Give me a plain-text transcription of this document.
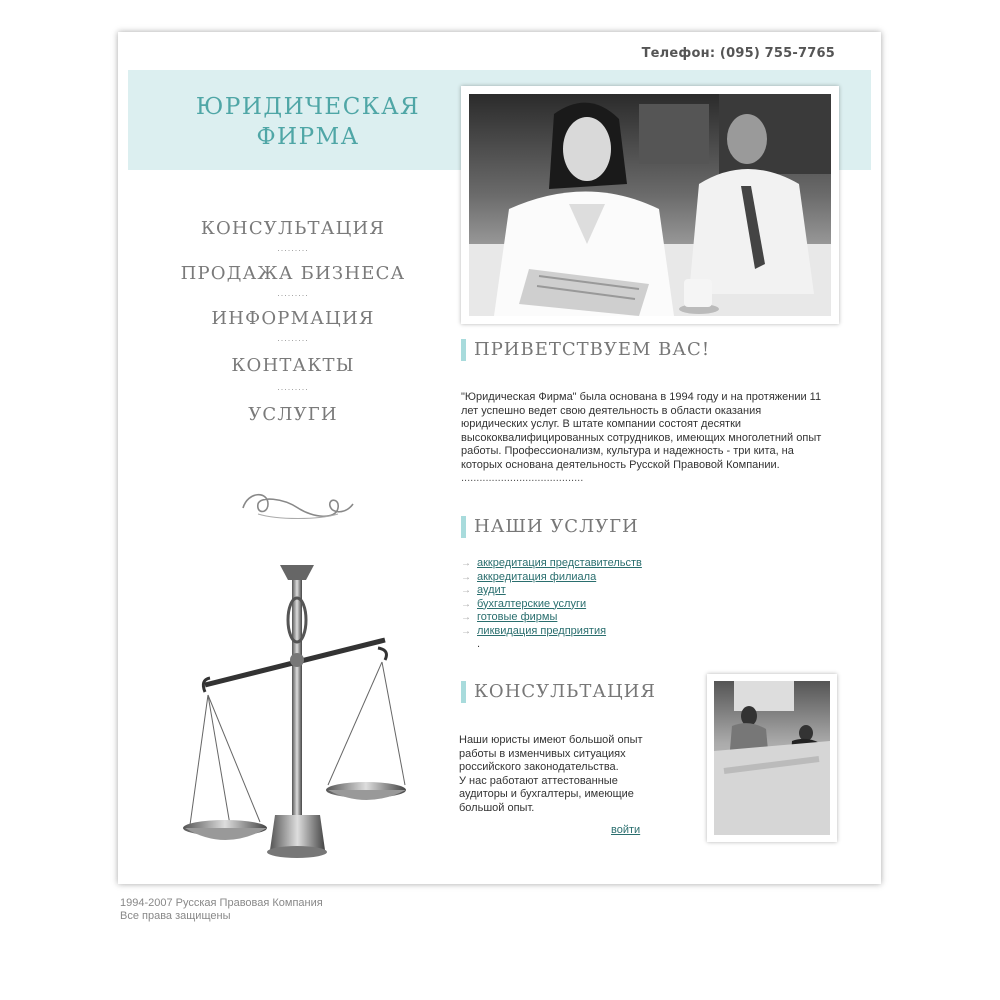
Телефон: (095) 755-7765
ЮРИДИЧЕСКАЯ
ФИРМА
КОНСУЛЬТАЦИЯ
.........
ПРОДАЖА БИЗНЕСА
.........
ИНФОРМАЦИЯ
.........
КОНТАКТЫ
.........
УСЛУГИ
ПРИВЕТСТВУЕМ ВАС!
"Юридическая Фирма" была основана в 1994 году и на протяжении 11 лет успешно ведет свою деятельность в области оказания юридических услуг. В штате компании состоят десятки высококвалифицированных сотрудников, имеющих многолетний опыт работы. Профессионализм, культура и надежность - три кита, на которых основана деятельность Русской Правовой Компании.
........................................
НАШИ УСЛУГИ
→ аккредитация представительств
→ аккредитация филиала
→ аудит
→ бухгалтерские услуги
→ готовые фирмы
→ ликвидация предприятия
.
КОНСУЛЬТАЦИЯ
Наши юристы имеют большой опыт работы в изменчивых ситуациях российского законодательства.
У нас работают аттестованные аудиторы и бухгалтеры, имеющие большой опыт.
войти
1994-2007 Русская Правовая Компания
Все права защищены
